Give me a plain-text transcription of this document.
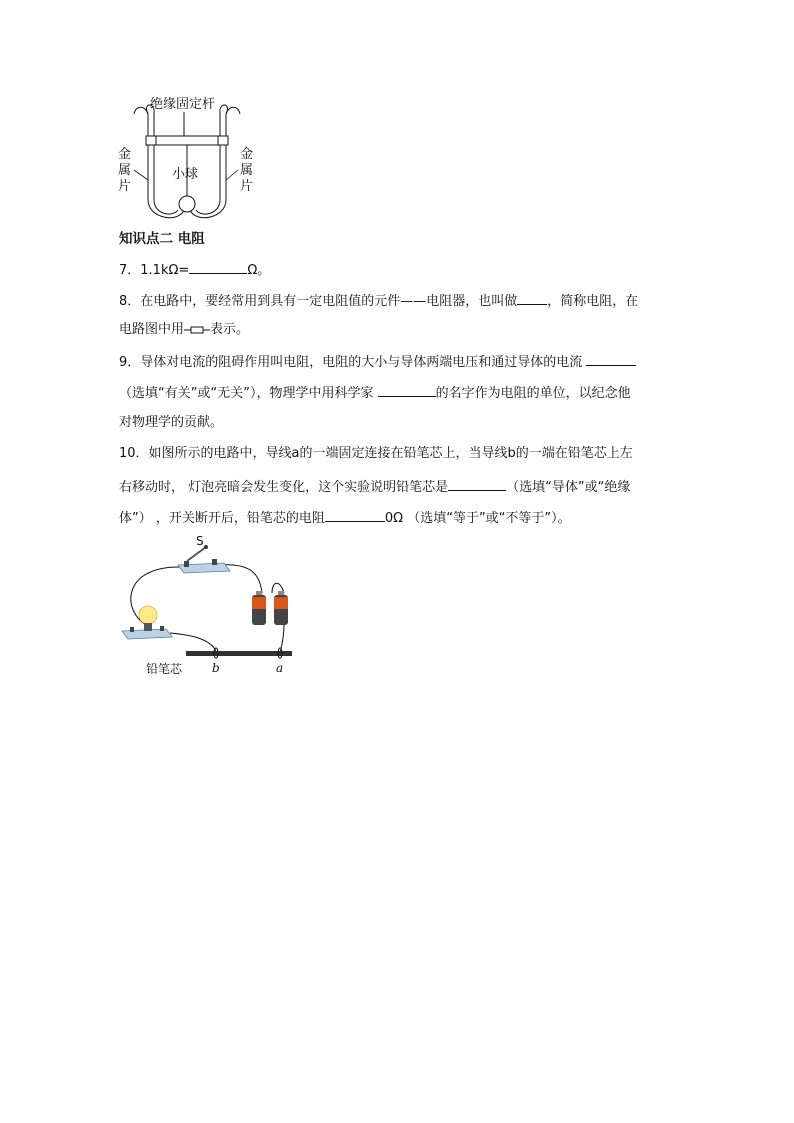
绝缘固定杆
小球
金
属
片
金
属
片
知识点二 电阻
7．1.1kΩ=	Ω。
8．在电路中，要经常用到具有一定电阻值的元件——电阻器，也叫做 ，简称电阻，在
电路图中用 表示。
9．导体对电流的阻碍作用叫电阻，电阻的大小与导体两端电压和通过导体的电流
（选填“有关”或“无关”），物理学中用科学家	的名字作为电阻的单位，以纪念他
对物理学的贡献。
10．如图所示的电路中，导线a的一端固定连接在铅笔芯上，当导线b的一端在铅笔芯上左
右移动时， 灯泡亮暗会发生变化，这个实验说明铅笔芯是	（选填“导体”或“绝缘
体”） ，开关断开后，铅笔芯的电阻	0Ω （选填“等于”或“不等于”）。
S
铅笔芯 b	a
